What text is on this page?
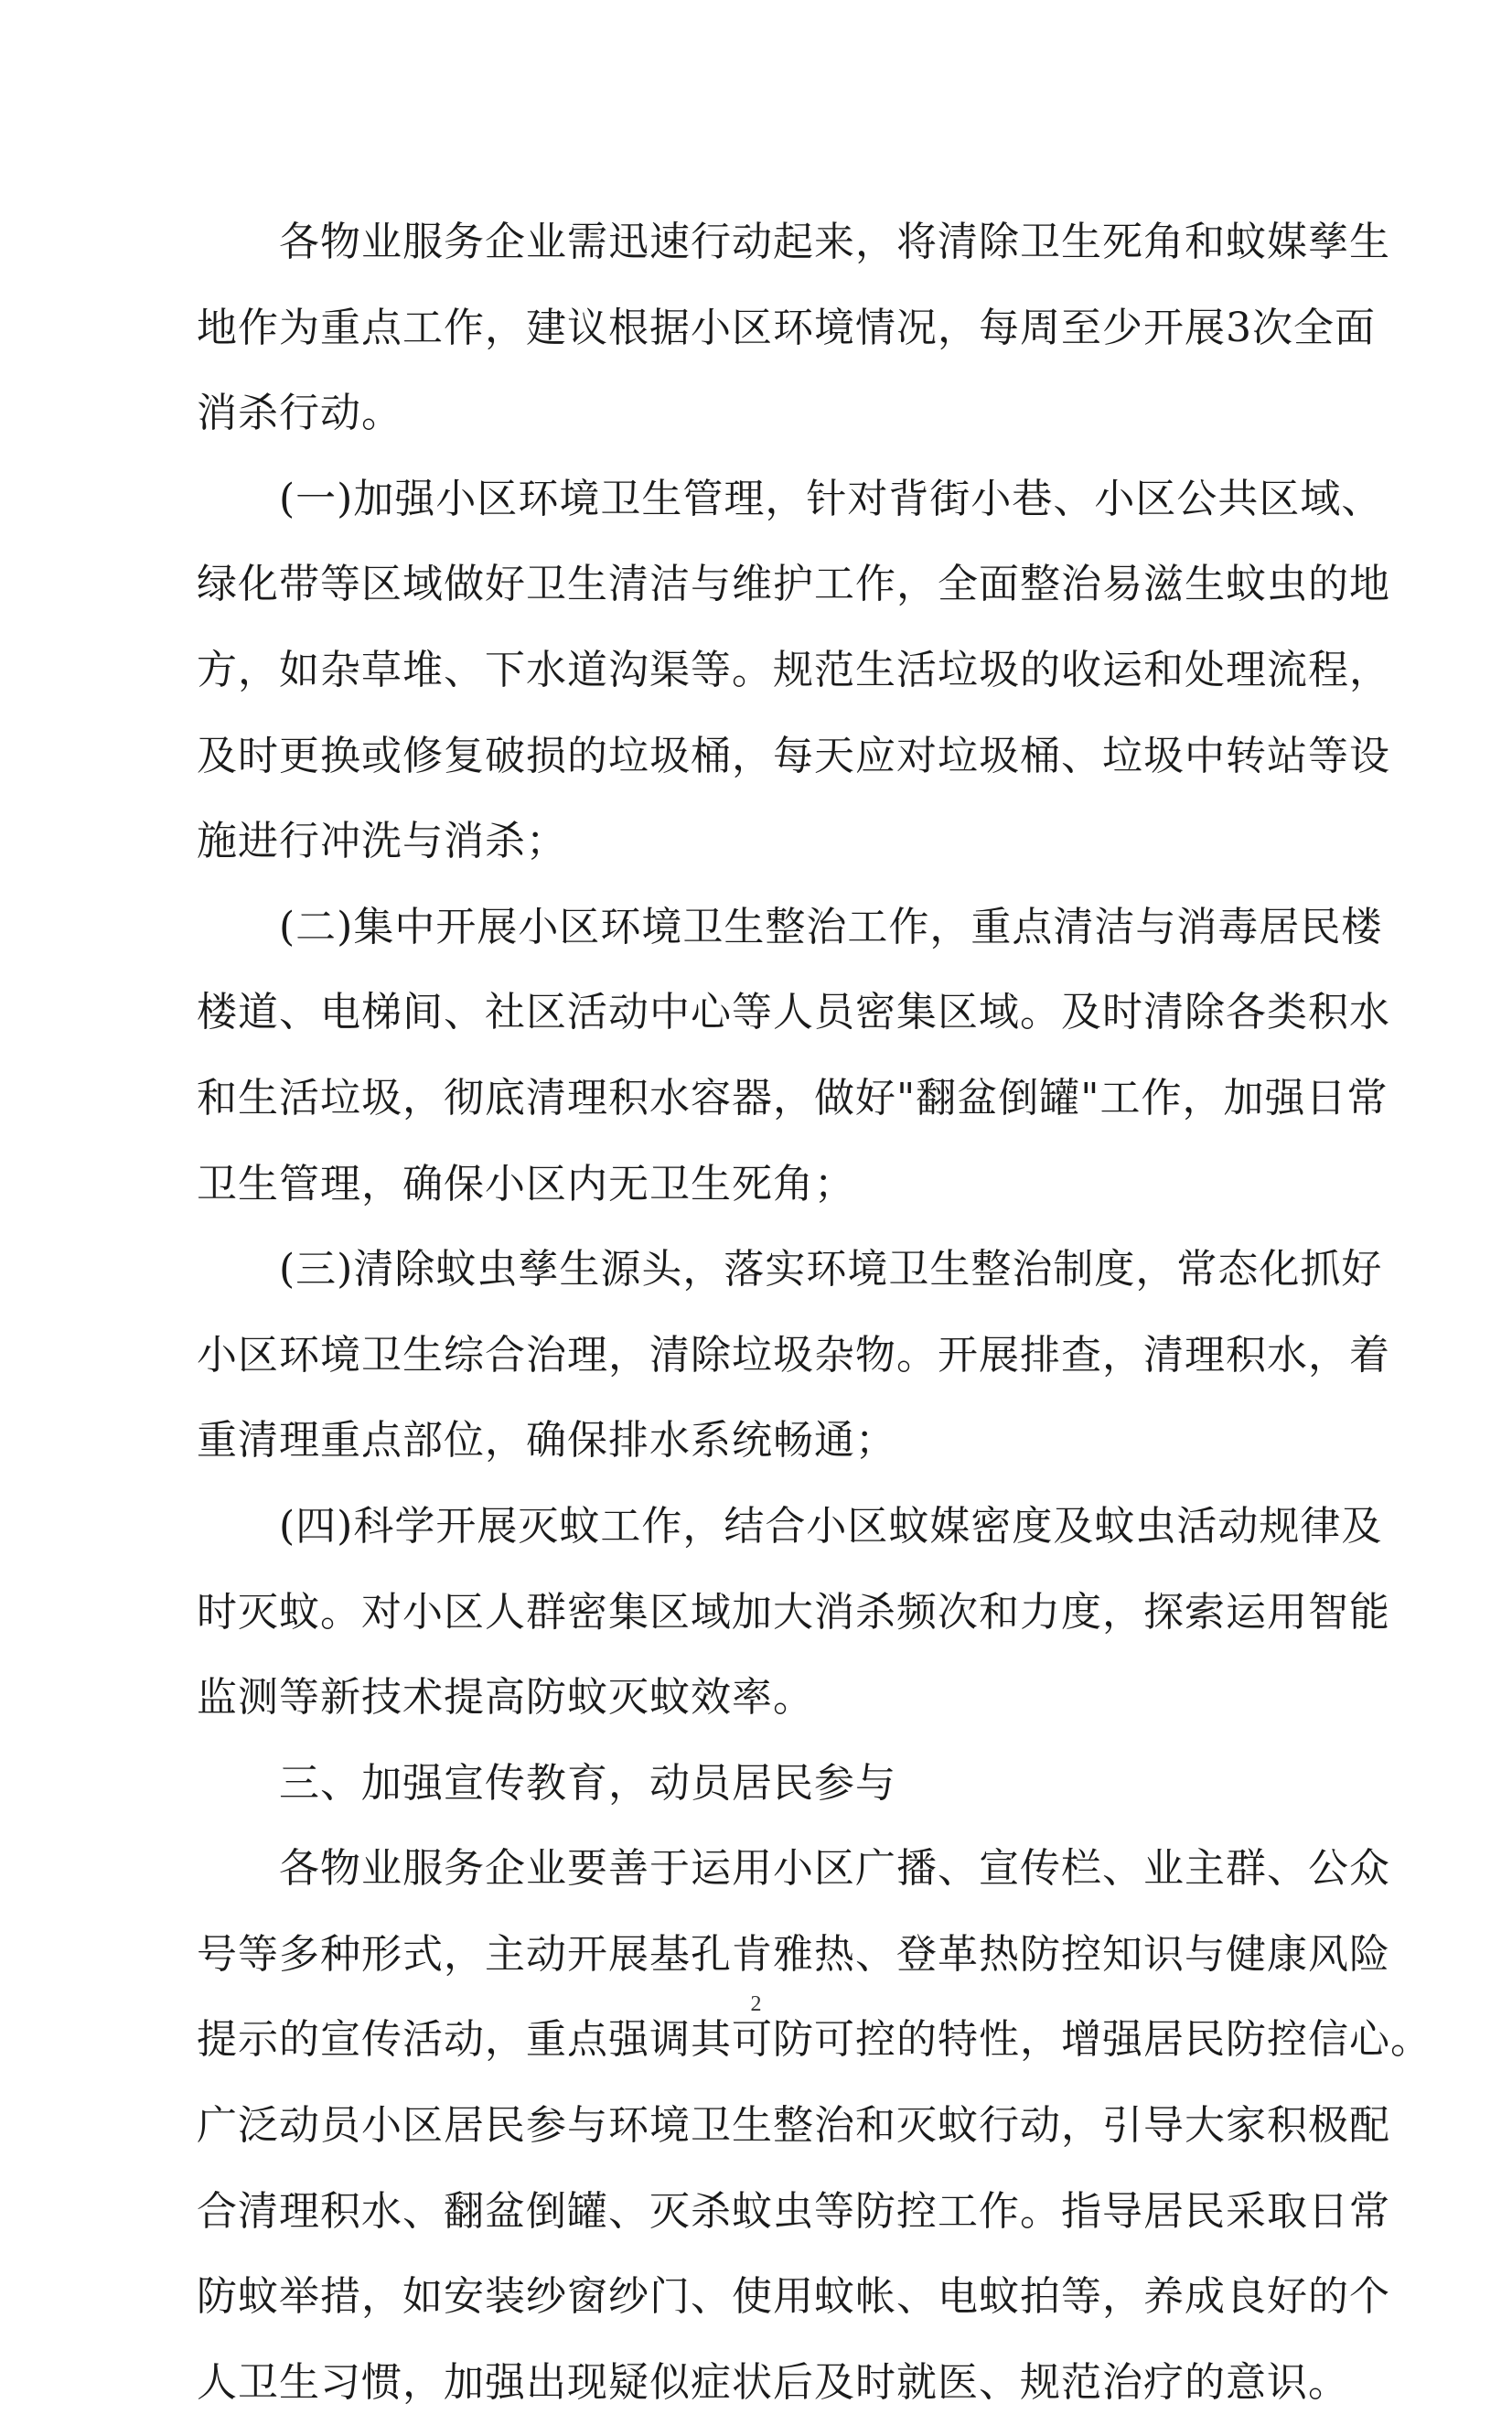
　　各物业服务企业需迅速行动起来，将清除卫生死角和蚊媒孳生
地作为重点工作，建议根据小区环境情况，每周至少开展3次全面
消杀行动。
　　(一)加强小区环境卫生管理，针对背街小巷、小区公共区域、
绿化带等区域做好卫生清洁与维护工作，全面整治易滋生蚊虫的地
方，如杂草堆、下水道沟渠等。规范生活垃圾的收运和处理流程，
及时更换或修复破损的垃圾桶，每天应对垃圾桶、垃圾中转站等设
施进行冲洗与消杀；
　　(二)集中开展小区环境卫生整治工作，重点清洁与消毒居民楼
楼道、电梯间、社区活动中心等人员密集区域。及时清除各类积水
和生活垃圾，彻底清理积水容器，做好"翻盆倒罐"工作，加强日常
卫生管理，确保小区内无卫生死角；
　　(三)清除蚊虫孳生源头，落实环境卫生整治制度，常态化抓好
小区环境卫生综合治理，清除垃圾杂物。开展排查，清理积水，着
重清理重点部位，确保排水系统畅通；
　　(四)科学开展灭蚊工作，结合小区蚊媒密度及蚊虫活动规律及
时灭蚊。对小区人群密集区域加大消杀频次和力度，探索运用智能
监测等新技术提高防蚊灭蚊效率。
　　三、加强宣传教育，动员居民参与
　　各物业服务企业要善于运用小区广播、宣传栏、业主群、公众
号等多种形式，主动开展基孔肯雅热、登革热防控知识与健康风险
提示的宣传活动，重点强调其可防可控的特性，增强居民防控信心。
广泛动员小区居民参与环境卫生整治和灭蚊行动，引导大家积极配
合清理积水、翻盆倒罐、灭杀蚊虫等防控工作。指导居民采取日常
防蚊举措，如安装纱窗纱门、使用蚊帐、电蚊拍等，养成良好的个
人卫生习惯，加强出现疑似症状后及时就医、规范治疗的意识。
2
